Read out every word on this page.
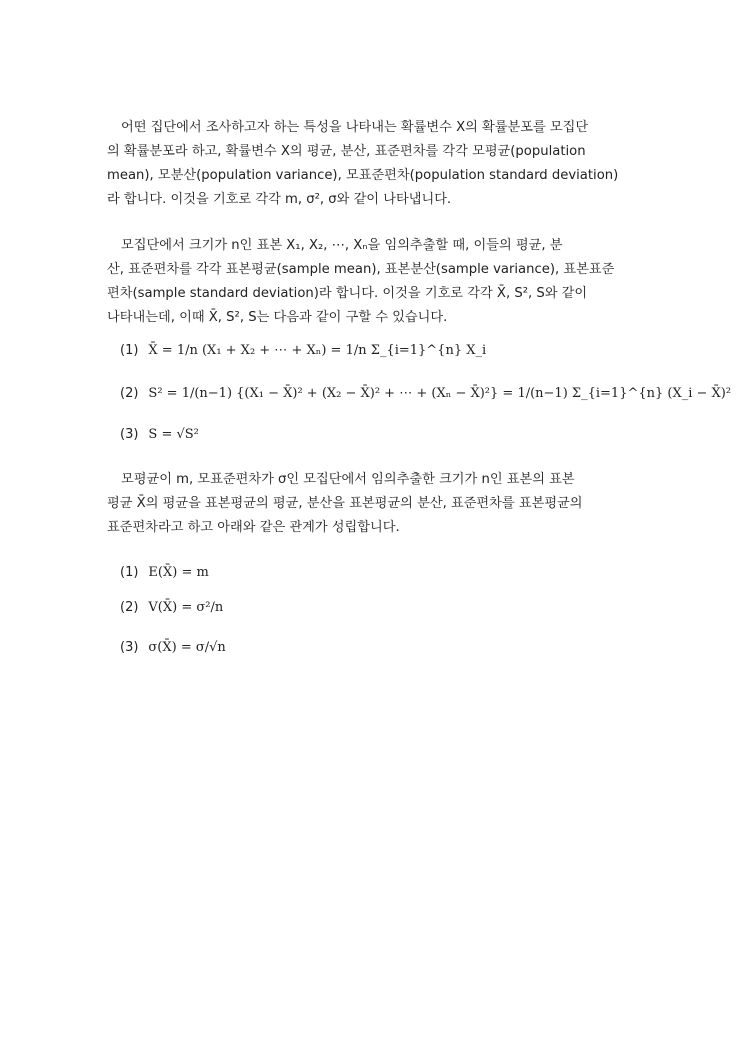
어떤 집단에서 조사하고자 하는 특성을 나타내는 확률변수 X의 확률분포를 모집단
의 확률분포라 하고, 확률변수 X의 평균, 분산, 표준편차를 각각 모평균(population
mean), 모분산(population variance), 모표준편차(population standard deviation)
라 합니다. 이것을 기호로 각각 m, σ², σ와 같이 나타냅니다.

모집단에서 크기가 n인 표본 X₁, X₂, ⋯, Xₙ을 임의추출할 때, 이들의 평균, 분
산, 표준편차를 각각 표본평균(sample mean), 표본분산(sample variance), 표본표준
편차(sample standard deviation)라 합니다. 이것을 기호로 각각 X̄, S², S와 같이
나타내는데, 이때 X̄, S², S는 다음과 같이 구할 수 있습니다.

(1) X̄ = 1/n (X₁ + X₂ + ⋯ + Xₙ) = 1/n Σ_{i=1}^{n} X_i
(2) S² = 1/(n−1) {(X₁ − X̄)² + (X₂ − X̄)² + ⋯ + (Xₙ − X̄)²} = 1/(n−1) Σ_{i=1}^{n} (X_i − X̄)²
(3) S = √S²

모평균이 m, 모표준편차가 σ인 모집단에서 임의추출한 크기가 n인 표본의 표본
평균 X̄의 평균을 표본평균의 평균, 분산을 표본평균의 분산, 표준편차를 표본평균의
표준편차라고 하고 아래와 같은 관계가 성립합니다.

(1) E(X̄) = m
(2) V(X̄) = σ²/n
(3) σ(X̄) = σ/√n
